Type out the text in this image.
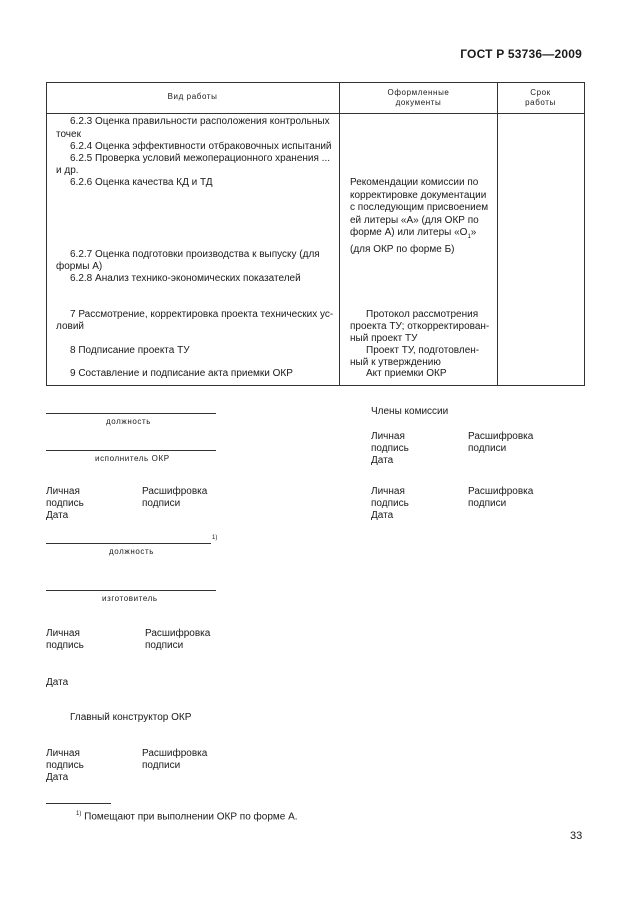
ГОСТ Р 53736—2009
Вид работы	Оформленные
документы
Срок
работы
6.2.3 Оценка правильности расположения контрольных
точек
6.2.4 Оценка эффективности отбраковочных испытаний
6.2.5 Проверка условий межоперационного хранения ...
и др.
6.2.6 Оценка качества КД и ТД
6.2.7 Оценка подготовки производства к выпуску (для
формы А)
6.2.8 Анализ технико-экономических показателей
7 Рассмотрение, корректировка проекта технических ус-
ловий
8 Подписание проекта ТУ
9 Составление и подписание акта приемки ОКР
Рекомендации комиссии по
корректировке документации
с последующим присвоением
ей литеры «А» (для ОКР по
форме А) или литеры «$О_1$»
(для ОКР по форме Б)
Протокол рассмотрения
проекта ТУ; откорректирован-
ный проект ТУ
Проект ТУ, подготовлен-
ный к утверждению
Акт приемки ОКР
должность
исполнитель ОКР
Личная
подпись
Дата
Расшифровка
подписи
1)
должность
изготовитель
Личная
подпись
Расшифровка
подписи
Дата
Главный конструктор ОКР
Личная
подпись
Дата
Расшифровка
подписи
Члены комиссии
Личная
подпись
Дата
Расшифровка
подписи
Личная
подпись
Дата
Расшифровка
подписи
$^{1)}$ Помещают при выполнении ОКР по форме А.
33
